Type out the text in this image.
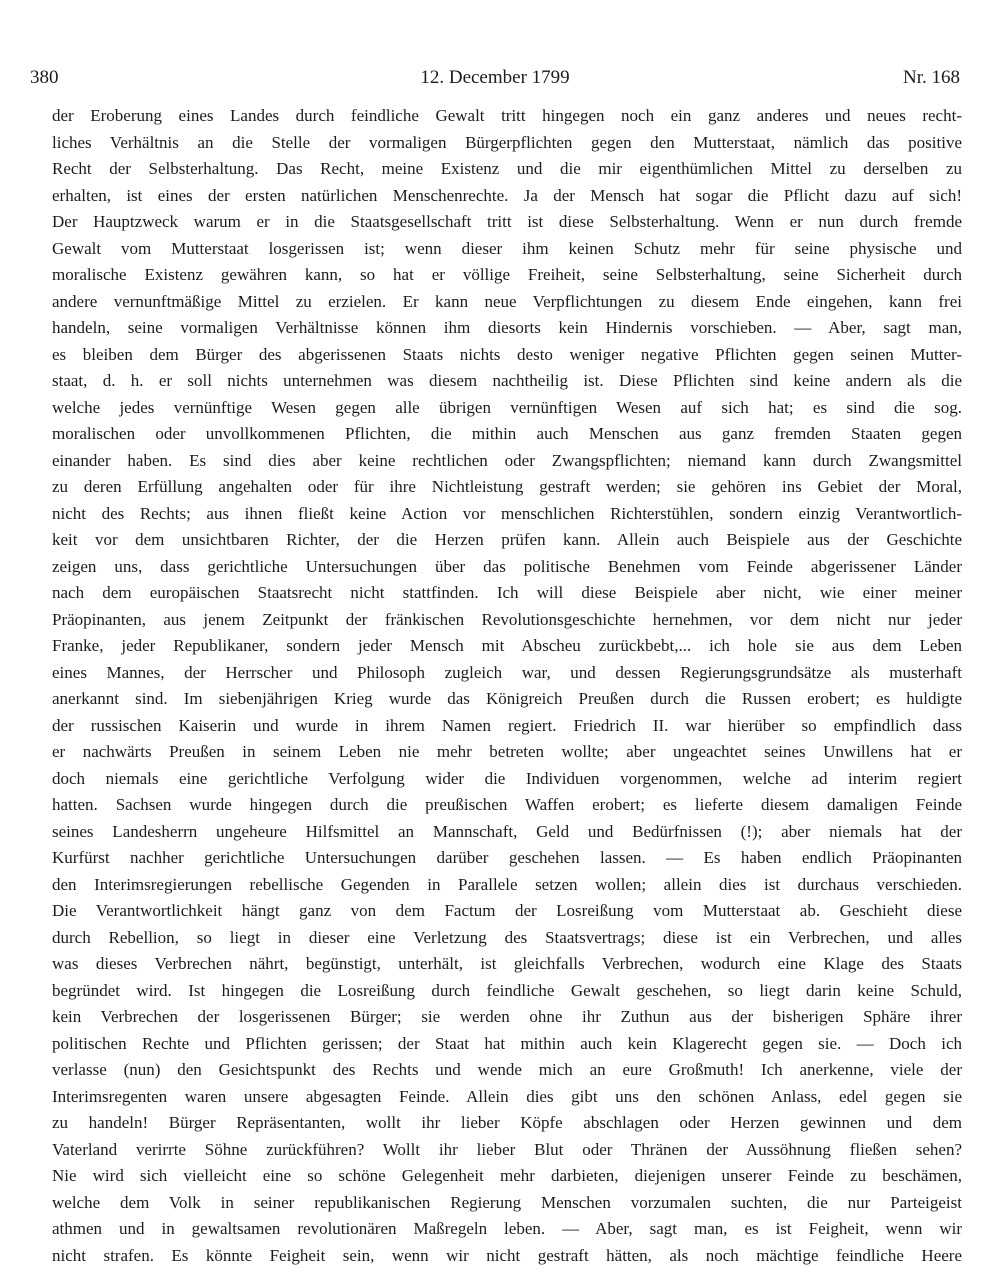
380	12. December 1799	Nr. 168
der Eroberung eines Landes durch feindliche Gewalt tritt hingegen noch ein ganz anderes und neues recht-
liches Verhältnis an die Stelle der vormaligen Bürgerpflichten gegen den Mutterstaat, nämlich das positive
Recht der Selbsterhaltung. Das Recht, meine Existenz und die mir eigenthümlichen Mittel zu derselben zu
erhalten, ist eines der ersten natürlichen Menschenrechte. Ja der Mensch hat sogar die Pflicht dazu auf sich!
Der Hauptzweck warum er in die Staatsgesellschaft tritt ist diese Selbsterhaltung. Wenn er nun durch fremde
Gewalt vom Mutterstaat losgerissen ist; wenn dieser ihm keinen Schutz mehr für seine physische und
moralische Existenz gewähren kann, so hat er völlige Freiheit, seine Selbsterhaltung, seine Sicherheit durch
andere vernunftmäßige Mittel zu erzielen. Er kann neue Verpflichtungen zu diesem Ende eingehen, kann frei
handeln, seine vormaligen Verhältnisse können ihm diesorts kein Hindernis vorschieben. — Aber, sagt man,
es bleiben dem Bürger des abgerissenen Staats nichts desto weniger negative Pflichten gegen seinen Mutter-
staat, d. h. er soll nichts unternehmen was diesem nachtheilig ist. Diese Pflichten sind keine andern als die
welche jedes vernünftige Wesen gegen alle übrigen vernünftigen Wesen auf sich hat; es sind die sog.
moralischen oder unvollkommenen Pflichten, die mithin auch Menschen aus ganz fremden Staaten gegen
einander haben. Es sind dies aber keine rechtlichen oder Zwangspflichten; niemand kann durch Zwangsmittel
zu deren Erfüllung angehalten oder für ihre Nichtleistung gestraft werden; sie gehören ins Gebiet der Moral,
nicht des Rechts; aus ihnen fließt keine Action vor menschlichen Richterstühlen, sondern einzig Verantwortlich-
keit vor dem unsichtbaren Richter, der die Herzen prüfen kann. Allein auch Beispiele aus der Geschichte
zeigen uns, dass gerichtliche Untersuchungen über das politische Benehmen vom Feinde abgerissener Länder
nach dem europäischen Staatsrecht nicht stattfinden. Ich will diese Beispiele aber nicht, wie einer meiner
Präopinanten, aus jenem Zeitpunkt der fränkischen Revolutionsgeschichte hernehmen, vor dem nicht nur jeder
Franke, jeder Republikaner, sondern jeder Mensch mit Abscheu zurückbebt,... ich hole sie aus dem Leben
eines Mannes, der Herrscher und Philosoph zugleich war, und dessen Regierungsgrundsätze als musterhaft
anerkannt sind. Im siebenjährigen Krieg wurde das Königreich Preußen durch die Russen erobert; es huldigte
der russischen Kaiserin und wurde in ihrem Namen regiert. Friedrich II. war hierüber so empfindlich dass
er nachwärts Preußen in seinem Leben nie mehr betreten wollte; aber ungeachtet seines Unwillens hat er
doch niemals eine gerichtliche Verfolgung wider die Individuen vorgenommen, welche ad interim regiert
hatten. Sachsen wurde hingegen durch die preußischen Waffen erobert; es lieferte diesem damaligen Feinde
seines Landesherrn ungeheure Hilfsmittel an Mannschaft, Geld und Bedürfnissen (!); aber niemals hat der
Kurfürst nachher gerichtliche Untersuchungen darüber geschehen lassen. — Es haben endlich Präopinanten
den Interimsregierungen rebellische Gegenden in Parallele setzen wollen; allein dies ist durchaus verschieden.
Die Verantwortlichkeit hängt ganz von dem Factum der Losreißung vom Mutterstaat ab. Geschieht diese
durch Rebellion, so liegt in dieser eine Verletzung des Staatsvertrags; diese ist ein Verbrechen, und alles
was dieses Verbrechen nährt, begünstigt, unterhält, ist gleichfalls Verbrechen, wodurch eine Klage des Staats
begründet wird. Ist hingegen die Losreißung durch feindliche Gewalt geschehen, so liegt darin keine Schuld,
kein Verbrechen der losgerissenen Bürger; sie werden ohne ihr Zuthun aus der bisherigen Sphäre ihrer
politischen Rechte und Pflichten gerissen; der Staat hat mithin auch kein Klagerecht gegen sie. — Doch ich
verlasse (nun) den Gesichtspunkt des Rechts und wende mich an eure Großmuth! Ich anerkenne, viele der
Interimsregenten waren unsere abgesagten Feinde. Allein dies gibt uns den schönen Anlass, edel gegen sie
zu handeln! Bürger Repräsentanten, wollt ihr lieber Köpfe abschlagen oder Herzen gewinnen und dem
Vaterland verirrte Söhne zurückführen? Wollt ihr lieber Blut oder Thränen der Aussöhnung fließen sehen?
Nie wird sich vielleicht eine so schöne Gelegenheit mehr darbieten, diejenigen unserer Feinde zu beschämen,
welche dem Volk in seiner republikanischen Regierung Menschen vorzumalen suchten, die nur Parteigeist
athmen und in gewaltsamen revolutionären Maßregeln leben. — Aber, sagt man, es ist Feigheit, wenn wir
nicht strafen. Es könnte Feigheit sein, wenn wir nicht gestraft hätten, als noch mächtige feindliche Heere
